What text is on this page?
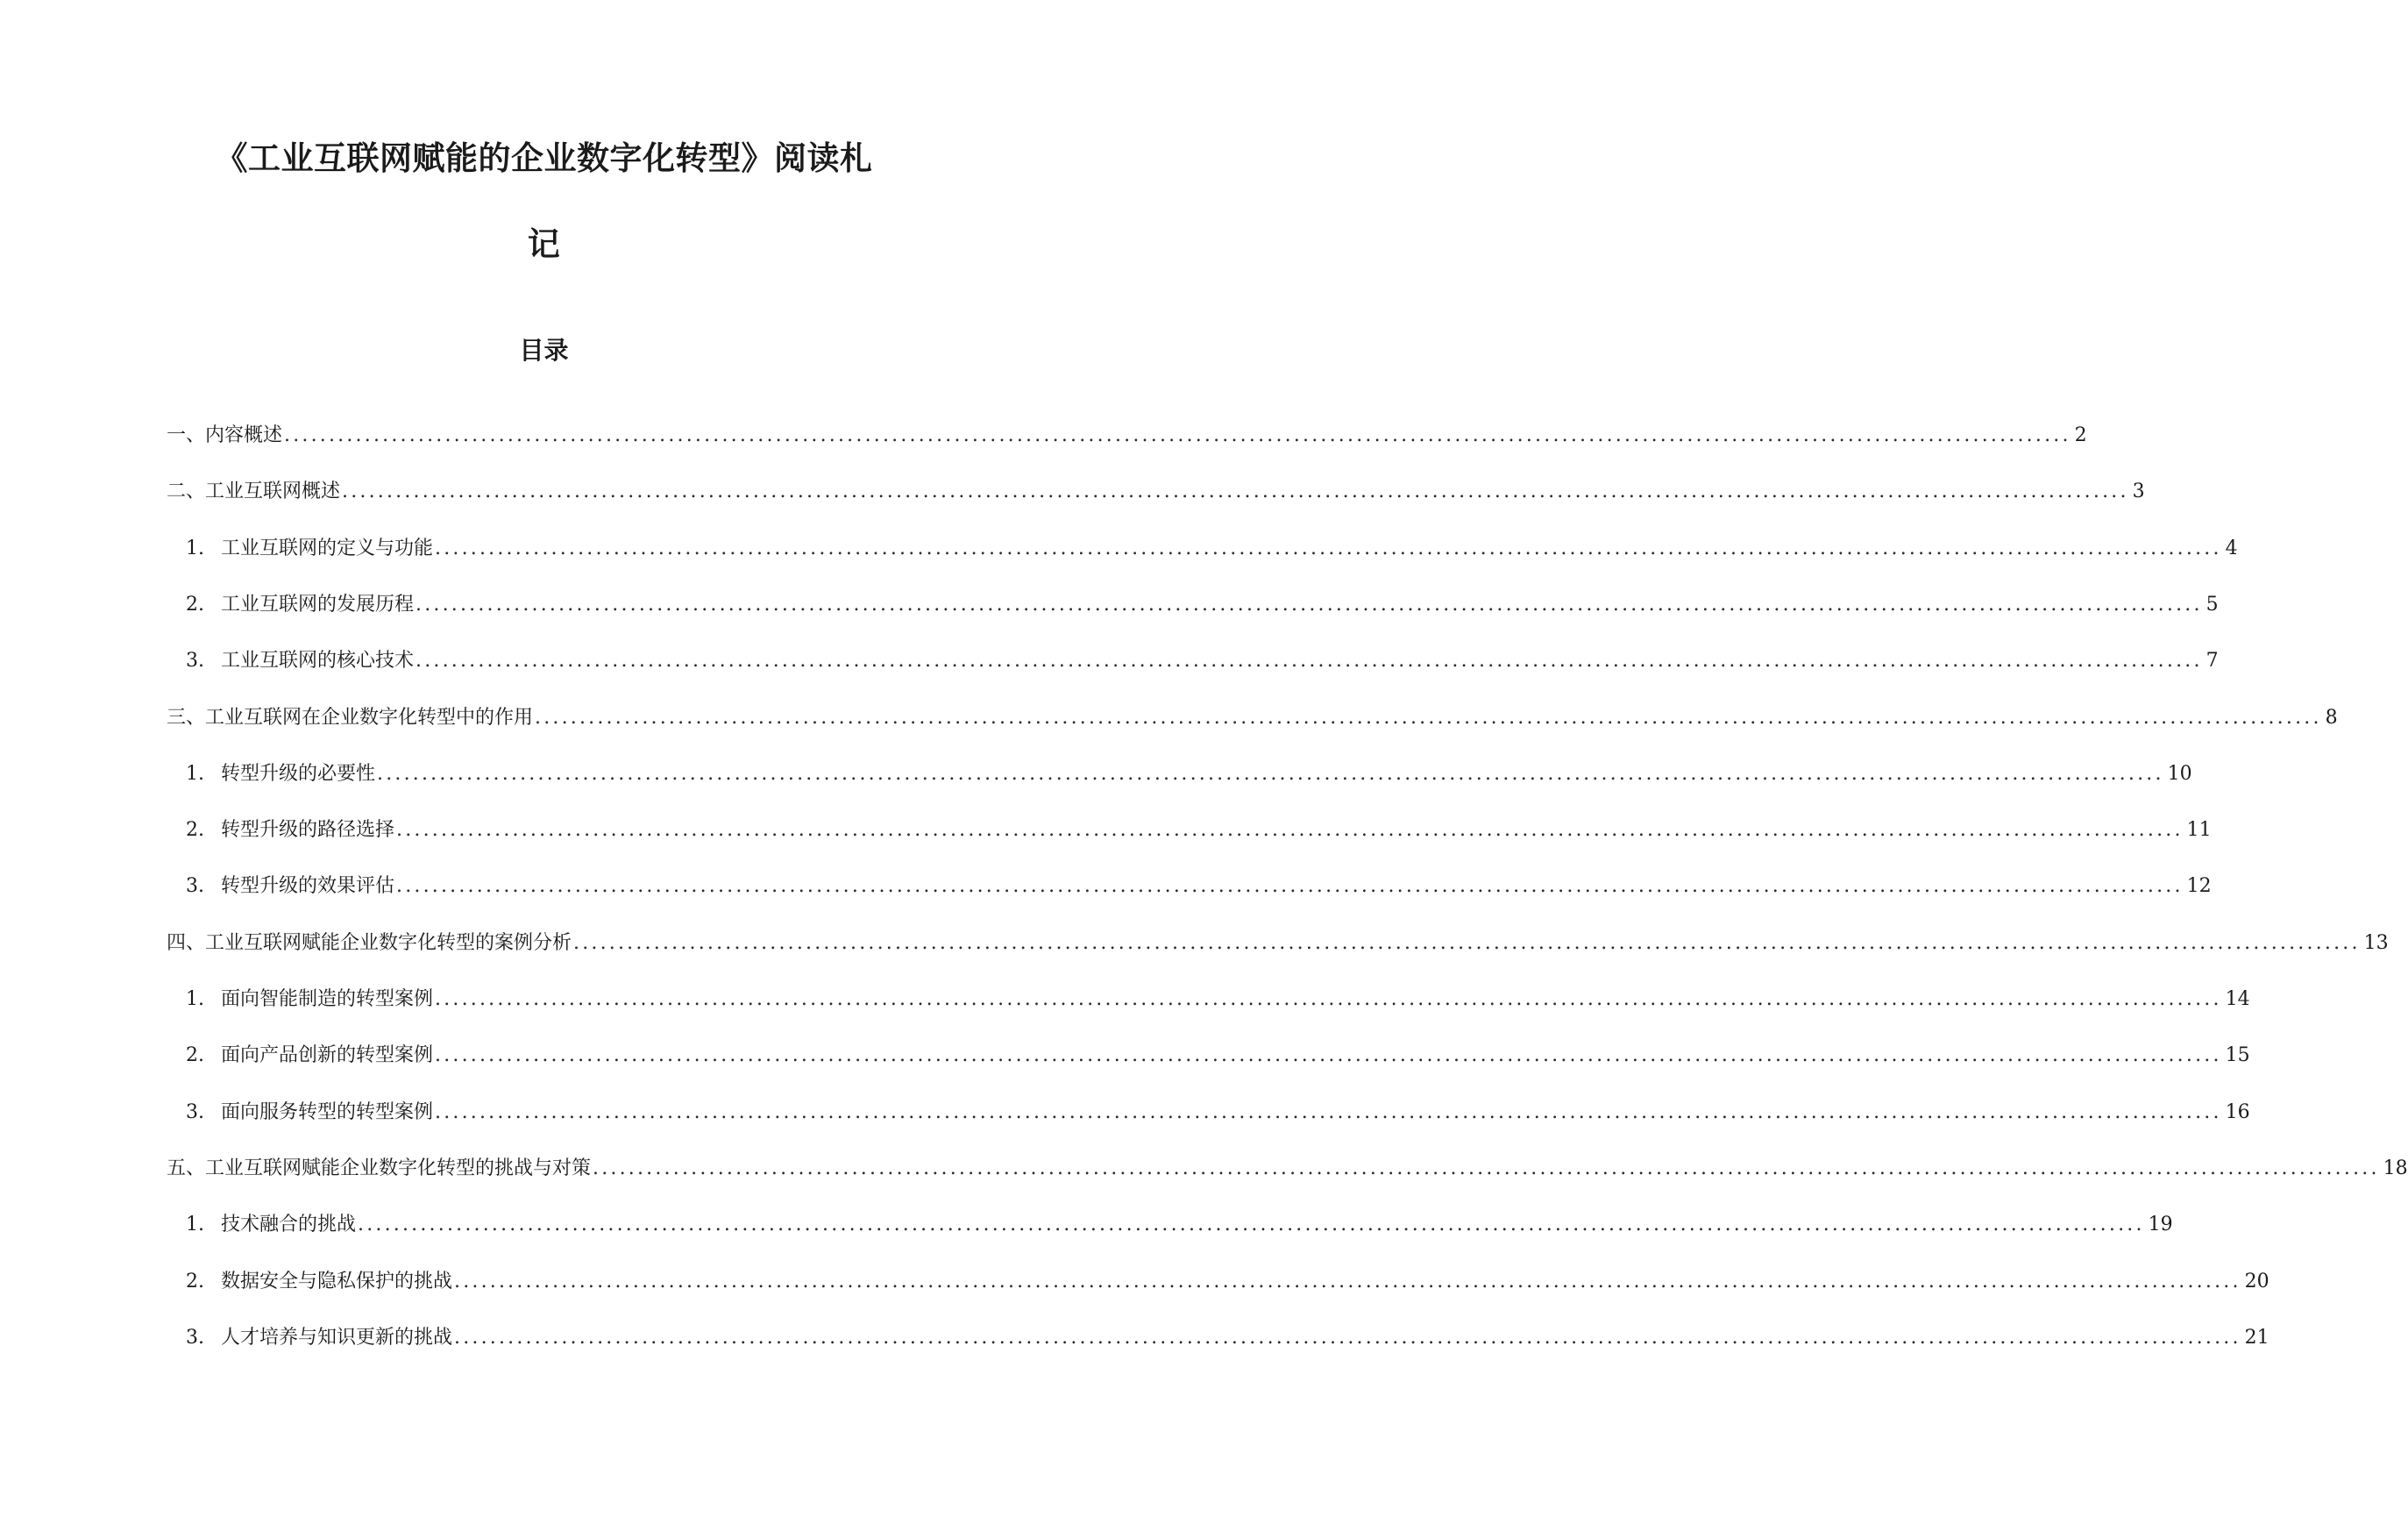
《工业互联网赋能的企业数字化转型》阅读札
记
目录
一、内容概述 ........................................................................................................................................................................................................ 2
二、工业互联网概述 ........................................................................................................................................................................................................ 3
1. 工业互联网的定义与功能 ........................................................................................................................................................................................................ 4
2. 工业互联网的发展历程 ........................................................................................................................................................................................................ 5
3. 工业互联网的核心技术 ........................................................................................................................................................................................................ 7
三、工业互联网在企业数字化转型中的作用 ........................................................................................................................................................................................................ 8
1. 转型升级的必要性 ........................................................................................................................................................................................................ 10
2. 转型升级的路径选择 ........................................................................................................................................................................................................ 11
3. 转型升级的效果评估 ........................................................................................................................................................................................................ 12
四、工业互联网赋能企业数字化转型的案例分析 ........................................................................................................................................................................................................ 13
1. 面向智能制造的转型案例 ........................................................................................................................................................................................................ 14
2. 面向产品创新的转型案例 ........................................................................................................................................................................................................ 15
3. 面向服务转型的转型案例 ........................................................................................................................................................................................................ 16
五、工业互联网赋能企业数字化转型的挑战与对策 ........................................................................................................................................................................................................ 18
1. 技术融合的挑战 ........................................................................................................................................................................................................ 19
2. 数据安全与隐私保护的挑战 ........................................................................................................................................................................................................ 20
3. 人才培养与知识更新的挑战 ........................................................................................................................................................................................................ 21
